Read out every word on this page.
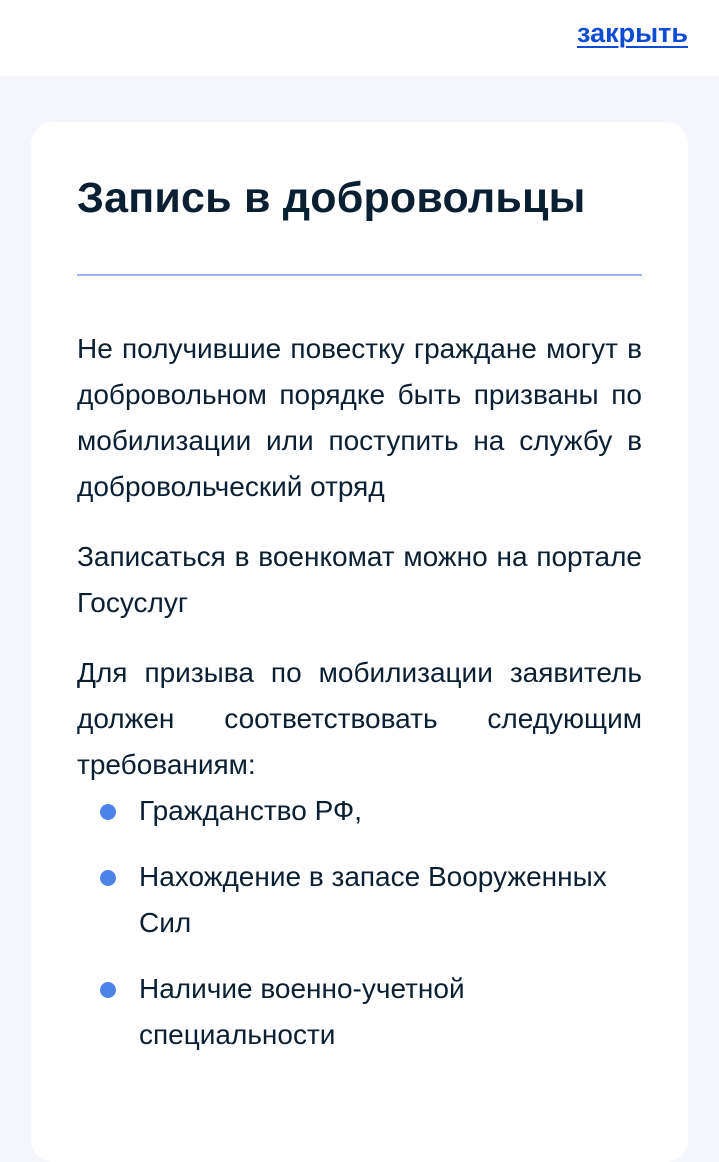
закрыть
Запись в добровольцы

Не получившие повестку граждане могут в добровольном порядке быть призваны по мобилизации или поступить на службу в добровольческий отряд

Записаться в военкомат можно на портале Госуслуг

Для призыва по мобилизации заявитель должен соответствовать следующим требованиям:

Гражданство РФ,
Нахождение в запасе Вооруженных Сил
Наличие военно-учетной специальности
